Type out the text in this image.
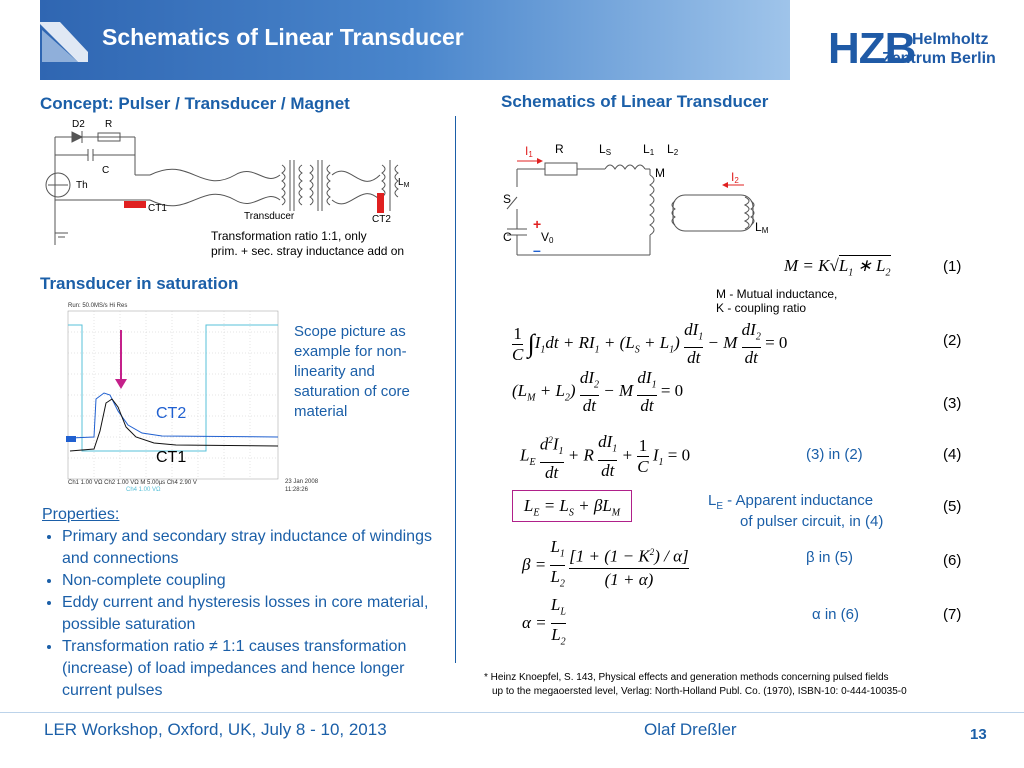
Schematics of Linear Transducer	HZB
Helmholtz
Zentrum Berlin
Concept: Pulser / Transducer / Magnet	Schematics of Linear Transducer
D2 R
C
Th
CT1
Transducer	CT2
$L_M$
Transformation ratio 1:1, only
prim. + sec. stray inductance add on
Transducer in saturation
Run: 50.0MS/s Hi Res
CT2
CT1
Ch1 1.00 VΩ Ch2 1.00 VΩ M 5.00µs Ch4 2.90 V
Ch4 1.00 VΩ
23 Jan 2008
11:28:26
Scope picture as example for non-linearity and saturation of core material
Properties:
• Primary and secondary stray inductance of windings and connections
• Non-complete coupling
• Eddy current and hysteresis losses in core material, possible saturation
• Transformation ratio ≠ 1:1 causes transformation (increase) of load impedances and hence longer current pulses
I1 R	LS	L1 L2
M	I2
S
C V0
+
–
LM
$M = K√L_1$ ∗ $L_2$	(1)
M - Mutual inductance,
K - coupling ratio
$\frac{1}{C} \int I_1dt + RI_1 + (L_S + L_1) \frac{dI_1}{dt} - M \frac{dI_2}{dt} = 0$	(2)
$(L_M + L_2) \frac{dI_2}{dt} - M \frac{dI_1}{dt} = 0$
(3)
$L_E \frac{d^2I_1}{dt} + R \frac{dI_1}{dt} + \frac{1}{C} I_1 = 0$	(3) in (2)	(4)
$L_E = L_S + \beta L_M$
$L_E$ - Apparent inductance
of pulser circuit, in (4)
(5)
$\beta = \frac{L_1}{L_2}$
$\frac{[1 + (1 - K^2) / \alpha]}{(1 + \alpha)}$	β in (5)	(6)
$\alpha = \frac{L_L}{L_2}$	α in (6)	(7)
* Heinz Knoepfel, S. 143, Physical effects and generation methods concerning pulsed fields
up to the megaoersted level, Verlag: North-Holland Publ. Co. (1970), ISBN-10: 0-444-10035-0
LER Workshop, Oxford, UK, July 8 - 10, 2013	Olaf Dreßler	13
